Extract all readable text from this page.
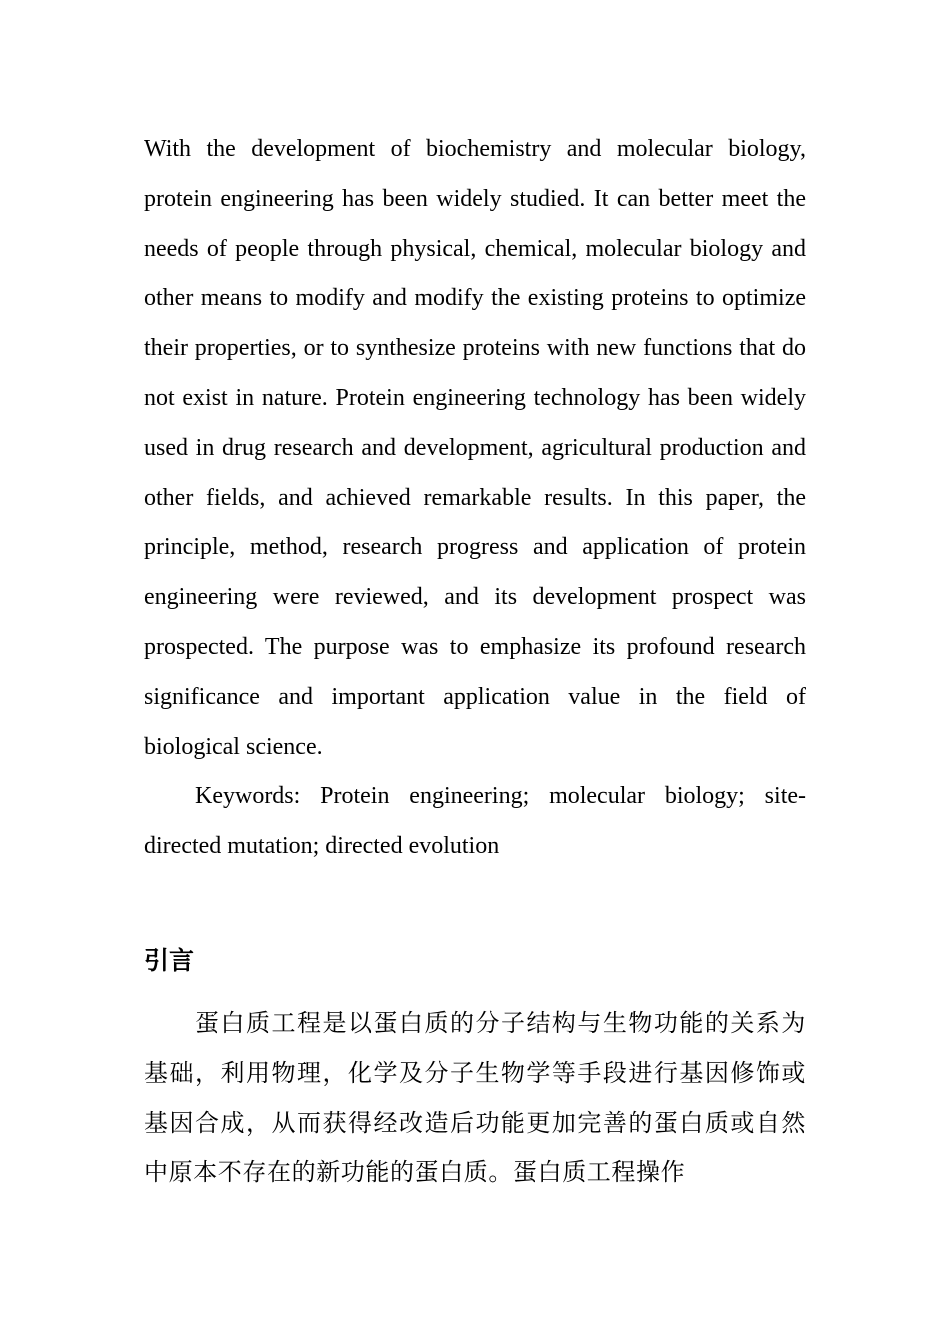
With the development of biochemistry and molecular biology, protein engineering has been widely studied. It can better meet the needs of people through physical, chemical, molecular biology and other means to modify and modify the existing proteins to optimize their properties, or to synthesize proteins with new functions that do not exist in nature. Protein engineering technology has been widely used in drug research and development, agricultural production and other fields, and achieved remarkable results. In this paper, the principle, method, research progress and application of protein engineering were reviewed, and its development prospect was prospected. The purpose was to emphasize its profound research significance and important application value in the field of biological science.

Keywords: Protein engineering; molecular biology; site-directed mutation; directed evolution

引言

蛋白质工程是以蛋白质的分子结构与生物功能的关系为基础，利用物理，化学及分子生物学等手段进行基因修饰或基因合成，从而获得经改造后功能更加完善的蛋白质或自然中原本不存在的新功能的蛋白质。蛋白质工程操作
